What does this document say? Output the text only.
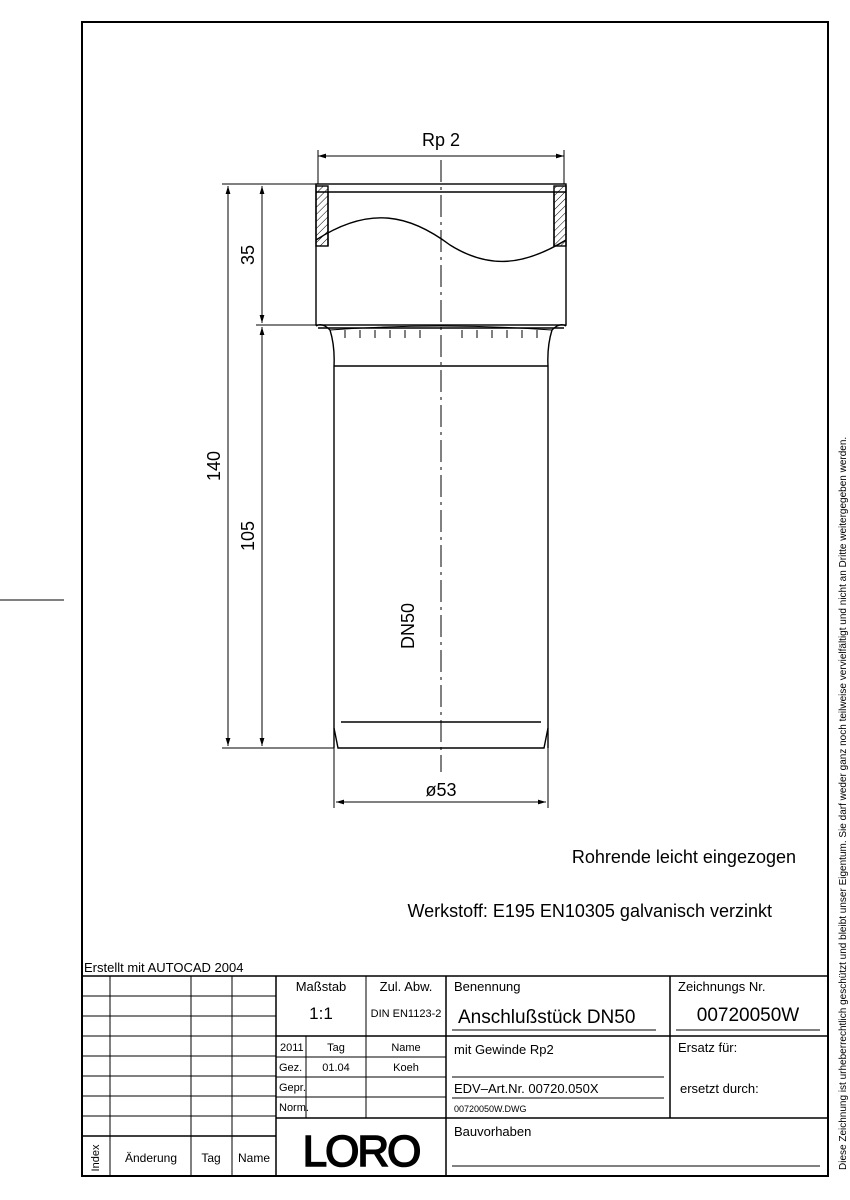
Rp 2
35
140
105
DN50
ø53
Rohrende leicht eingezogen
Werkstoff: E195 EN10305 galvanisch verzinkt
Erstellt mit AUTOCAD 2004
Index Änderung Tag Name
Maßstab
1:1
Zul. Abw.
DIN EN1123-2
Benennung
Anschlußstück DN50
Zeichnungs Nr.
00720050W
2011 Tag	Name
Gez. 01.04	Koeh
Gepr.
Norm.
mit Gewinde Rp2	Ersatz für:
EDV–Art.Nr. 00720.050X	ersetzt durch:
00720050W.DWG
LORO	Bauvorhaben	Diese Zeichnung ist urheberrechtlich geschützt und bleibt unser Eigentum. Sie darf weder ganz noch teilweise vervielfältigt und nicht an Dritte weitergegeben werden.
